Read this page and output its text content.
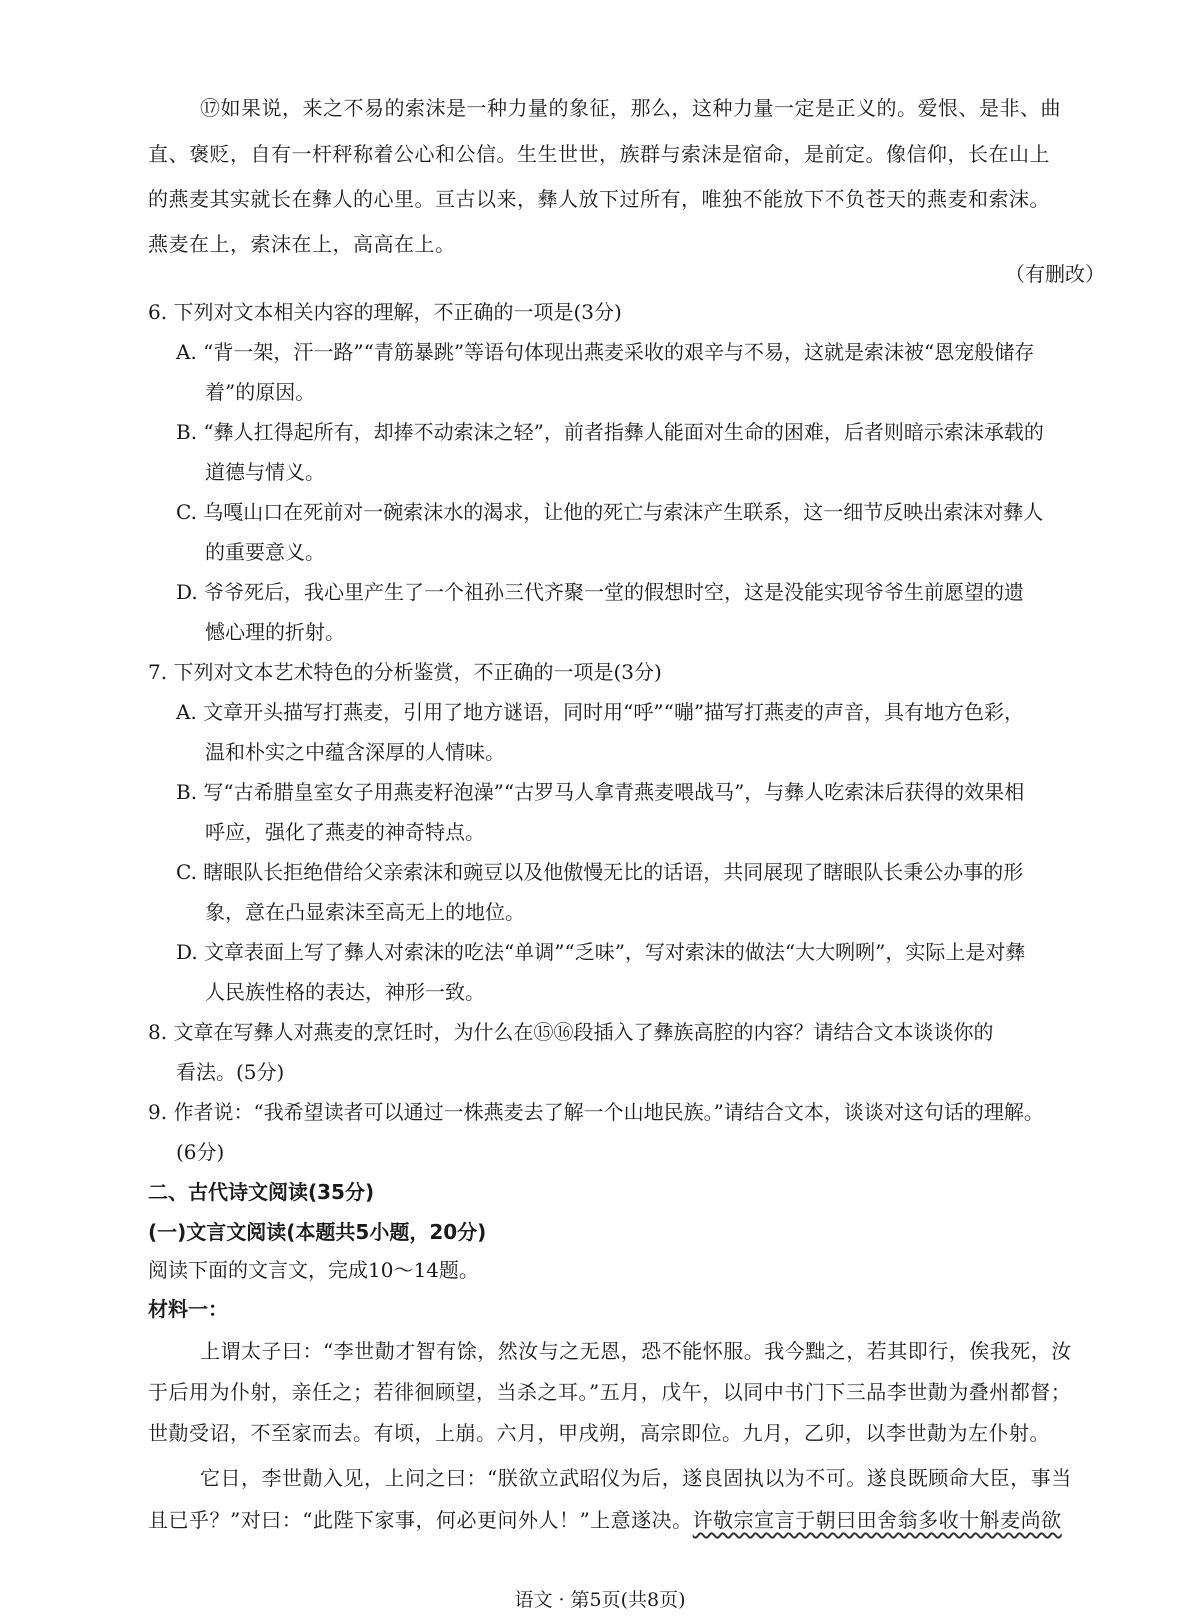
⑰如果说，来之不易的索沫是一种力量的象征，那么，这种力量一定是正义的。爱恨、是非、曲
直、褒贬，自有一杆秤称着公心和公信。生生世世，族群与索沫是宿命，是前定。像信仰，长在山上
的燕麦其实就长在彝人的心里。亘古以来，彝人放下过所有，唯独不能放下不负苍天的燕麦和索沫。
燕麦在上，索沫在上，高高在上。
（有删改）
6. 下列对文本相关内容的理解，不正确的一项是(3分)
A. “背一架，汗一路”“青筋暴跳”等语句体现出燕麦采收的艰辛与不易，这就是索沫被“恩宠般储存
着”的原因。
B. “彝人扛得起所有，却捧不动索沫之轻”，前者指彝人能面对生命的困难，后者则暗示索沫承载的
道德与情义。
C. 乌嘎山口在死前对一碗索沫水的渴求，让他的死亡与索沫产生联系，这一细节反映出索沫对彝人
的重要意义。
D. 爷爷死后，我心里产生了一个祖孙三代齐聚一堂的假想时空，这是没能实现爷爷生前愿望的遗
憾心理的折射。
7. 下列对文本艺术特色的分析鉴赏，不正确的一项是(3分)
A. 文章开头描写打燕麦，引用了地方谜语，同时用“呼”“嘣”描写打燕麦的声音，具有地方色彩，
温和朴实之中蕴含深厚的人情味。
B. 写“古希腊皇室女子用燕麦籽泡澡”“古罗马人拿青燕麦喂战马”，与彝人吃索沫后获得的效果相
呼应，强化了燕麦的神奇特点。
C. 瞎眼队长拒绝借给父亲索沫和豌豆以及他傲慢无比的话语，共同展现了瞎眼队长秉公办事的形
象，意在凸显索沫至高无上的地位。
D. 文章表面上写了彝人对索沫的吃法“单调”“乏味”，写对索沫的做法“大大咧咧”，实际上是对彝
人民族性格的表达，神形一致。
8. 文章在写彝人对燕麦的烹饪时，为什么在⑮⑯段插入了彝族高腔的内容？请结合文本谈谈你的
看法。(5分)
9. 作者说：“我希望读者可以通过一株燕麦去了解一个山地民族。”请结合文本，谈谈对这句话的理解。
(6分)
二、古代诗文阅读(35分)
(一)文言文阅读(本题共5小题，20分)
阅读下面的文言文，完成10～14题。
材料一：
上谓太子曰：“李世勣才智有馀，然汝与之无恩，恐不能怀服。我今黜之，若其即行，俟我死，汝
于后用为仆射，亲任之；若徘徊顾望，当杀之耳。”五月，戊午，以同中书门下三品李世勣为叠州都督；
世勣受诏，不至家而去。有顷，上崩。六月，甲戌朔，高宗即位。九月，乙卯，以李世勣为左仆射。
它日，李世勣入见，上问之曰：“朕欲立武昭仪为后，遂良固执以为不可。遂良既顾命大臣，事当
且已乎？”对曰：“此陛下家事，何必更问外人！”上意遂决。许敬宗宣言于朝曰田舍翁多收十斛麦尚欲
语文 · 第5页(共8页)
